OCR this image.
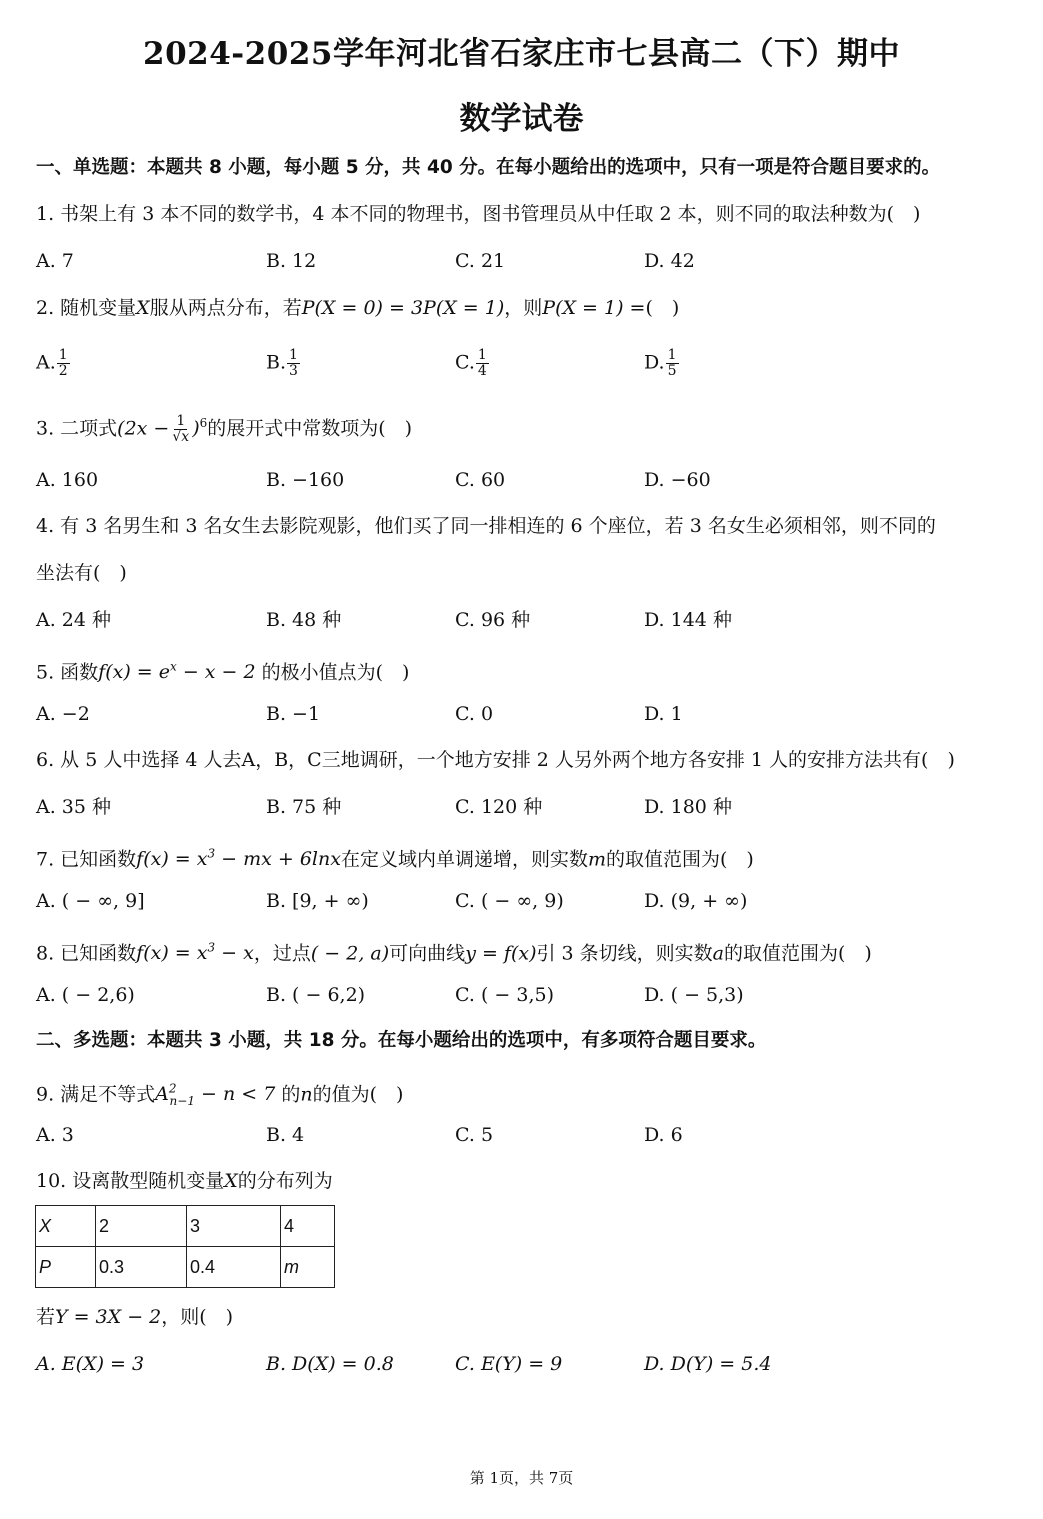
2024-2025学年河北省石家庄市七县高二（下）期中
数学试卷
一、单选题：本题共 8 小题，每小题 5 分，共 40 分。在每小题给出的选项中，只有一项是符合题目要求的。
1. 书架上有 3 本不同的数学书，4 本不同的物理书，图书管理员从中任取 2 本，则不同的取法种数为(　)
A. 7	B. 12	C. 21	D. 42
2. 随机变量X服从两点分布，若P(X = 0) = 3P(X = 1)，则P(X = 1) =(　)
A. $\frac{1}{2}$	B. $\frac{1}{3}$	C. $\frac{1}{4}$	D. $\frac{1}{5}$
3. 二项式$(2x - \frac{1}{√x} )^6$的展开式中常数项为(　)
A. 160	B. −160	C. 60	D. −60
4. 有 3 名男生和 3 名女生去影院观影，他们买了同一排相连的 6 个座位，若 3 名女生必须相邻，则不同的
坐法有(　)
A. 24 种	B. 48 种	C. 96 种	D. 144 种
5. 函数$f(x) = e^x - x - 2$ 的极小值点为(　)
A. −2	B. −1	C. 0	D. 1
6. 从 5 人中选择 4 人去A，B，C三地调研，一个地方安排 2 人另外两个地方各安排 1 人的安排方法共有(　)
A. 35 种	B. 75 种	C. 120 种	D. 180 种
7. 已知函数$f(x) = x^3$ − mx + 6lnx在定义域内单调递增，则实数m的取值范围为(　)
A. ( − ∞, 9]	B. [9, + ∞)	C. ( − ∞, 9)	D. (9, + ∞)
8. 已知函数$f(x) = x^3 - x$，过点( − 2, a)可向曲线y = f(x)引 3 条切线，则实数a的取值范围为(　)
A. ( − 2,6)	B. ( − 6,2)	C. ( − 3,5)	D. ( − 5,3)
二、多选题：本题共 3 小题，共 18 分。在每小题给出的选项中，有多项符合题目要求。
9. 满足不等式$A^2_{n-1} - n < 7$ 的n的值为(　)
A. 3	B. 4	C. 5	D. 6
10. 设离散型随机变量X的分布列为
X	2	3	4
P	0.3	0.4	m
若Y = 3X − 2，则(　)
A. E(X) = 3	B. D(X) = 0.8	C. E(Y) = 9	D. D(Y) = 5.4
第 1页，共 7页
